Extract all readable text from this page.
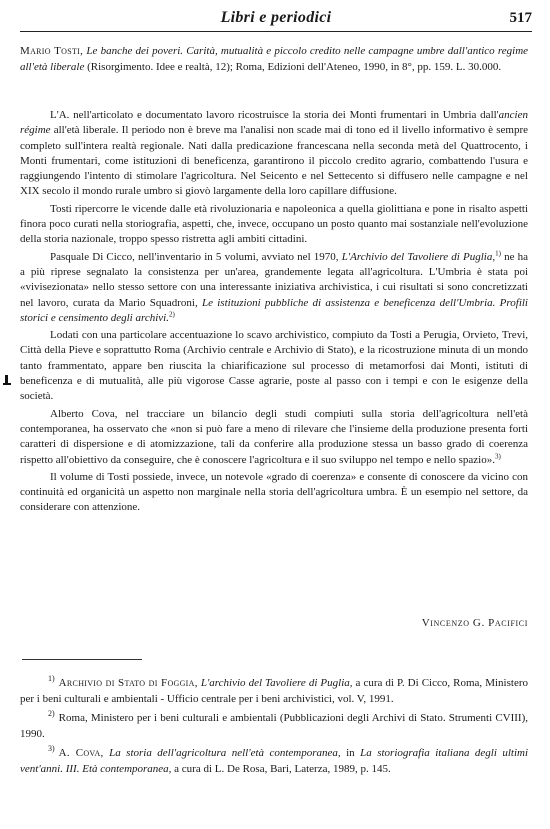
Libri e periodici	517
Mario Tosti, Le banche dei poveri. Carità, mutualità e piccolo credito nelle campagne umbre dall'antico regime all'età liberale (Risorgimento. Idee e realtà, 12); Roma, Edizioni dell'Ateneo, 1990, in 8°, pp. 159. L. 30.000.

L'A. nell'articolato e documentato lavoro ricostruisce la storia dei Monti frumentari in Umbria dall'ancien régime all'età liberale. Il periodo non è breve ma l'analisi non scade mai di tono ed il livello informativo è sempre completo sull'intera realtà regionale. Nati dalla predicazione francescana nella seconda metà del Quattrocento, i Monti frumentari, come istituzioni di beneficenza, garantirono il piccolo credito agrario, combattendo l'usura e raggiungendo l'intento di stimolare l'agricoltura. Nel Seicento e nel Settecento si diffusero nelle campagne e nel XIX secolo il mondo rurale umbro si giovò largamente della loro capillare diffusione.

Tosti ripercorre le vicende dalle età rivoluzionaria e napoleonica a quella giolittiana e pone in risalto aspetti finora poco curati nella storiografia, aspetti, che, invece, occupano un posto quanto mai sostanziale nell'evoluzione della storia nazionale, troppo spesso ristretta agli ambiti cittadini.

Pasquale Di Cicco, nell'inventario in 5 volumi, avviato nel 1970, L'Archivio del Tavoliere di Puglia,$^{1)}$ ne ha a più riprese segnalato la consistenza per un'area, grandemente legata all'agricoltura. L'Umbria è stata poi «vivisezionata» nello stesso settore con una interessante iniziativa archivistica, i cui risultati si sono concretizzati nel lavoro, curata da Mario Squadroni, Le istituzioni pubbliche di assistenza e beneficenza dell'Umbria. Profili storici e censimento degli archivi.$^{2)}$

Lodati con una particolare accentuazione lo scavo archivistico, compiuto da Tosti a Perugia, Orvieto, Trevi, Città della Pieve e soprattutto Roma (Archivio centrale e Archivio di Stato), e la ricostruzione minuta di un mondo tanto frammentato, appare ben riuscita la chiarificazione sul processo di metamorfosi dai Monti, istituti di beneficenza e di mutualità, alle più vigorose Casse agrarie, poste al passo con i tempi e con le esigenze della società.

Alberto Cova, nel tracciare un bilancio degli studi compiuti sulla storia dell'agricoltura nell'età contemporanea, ha osservato che «non si può fare a meno di rilevare che l'insieme della produzione presenta forti caratteri di dispersione e di atomizzazione, tali da conferire alla produzione stessa un basso grado di coerenza rispetto all'obiettivo da conseguire, che è conoscere l'agricoltura e il suo sviluppo nel tempo e nello spazio».$^{3)}$

Il volume di Tosti possiede, invece, un notevole «grado di coerenza» e consente di conoscere da vicino con continuità ed organicità un aspetto non marginale nella storia dell'agricoltura umbra. È un esempio nel settore, da considerare con attenzione.

Vincenzo G. Pacifici

$^{1)}$ Archivio di Stato di Foggia, L'archivio del Tavoliere di Puglia, a cura di P. Di Cicco, Roma, Ministero per i beni culturali e ambientali - Ufficio centrale per i beni archivistici, vol. V, 1991.

$^{2)}$ Roma, Ministero per i beni culturali e ambientali (Pubblicazioni degli Archivi di Stato. Strumenti CVIII), 1990.

$^{3)}$ A. Cova, La storia dell'agricoltura nell'età contemporanea, in La storiografia italiana degli ultimi vent'anni. III. Età contemporanea, a cura di L. De Rosa, Bari, Laterza, 1989, p. 145.
